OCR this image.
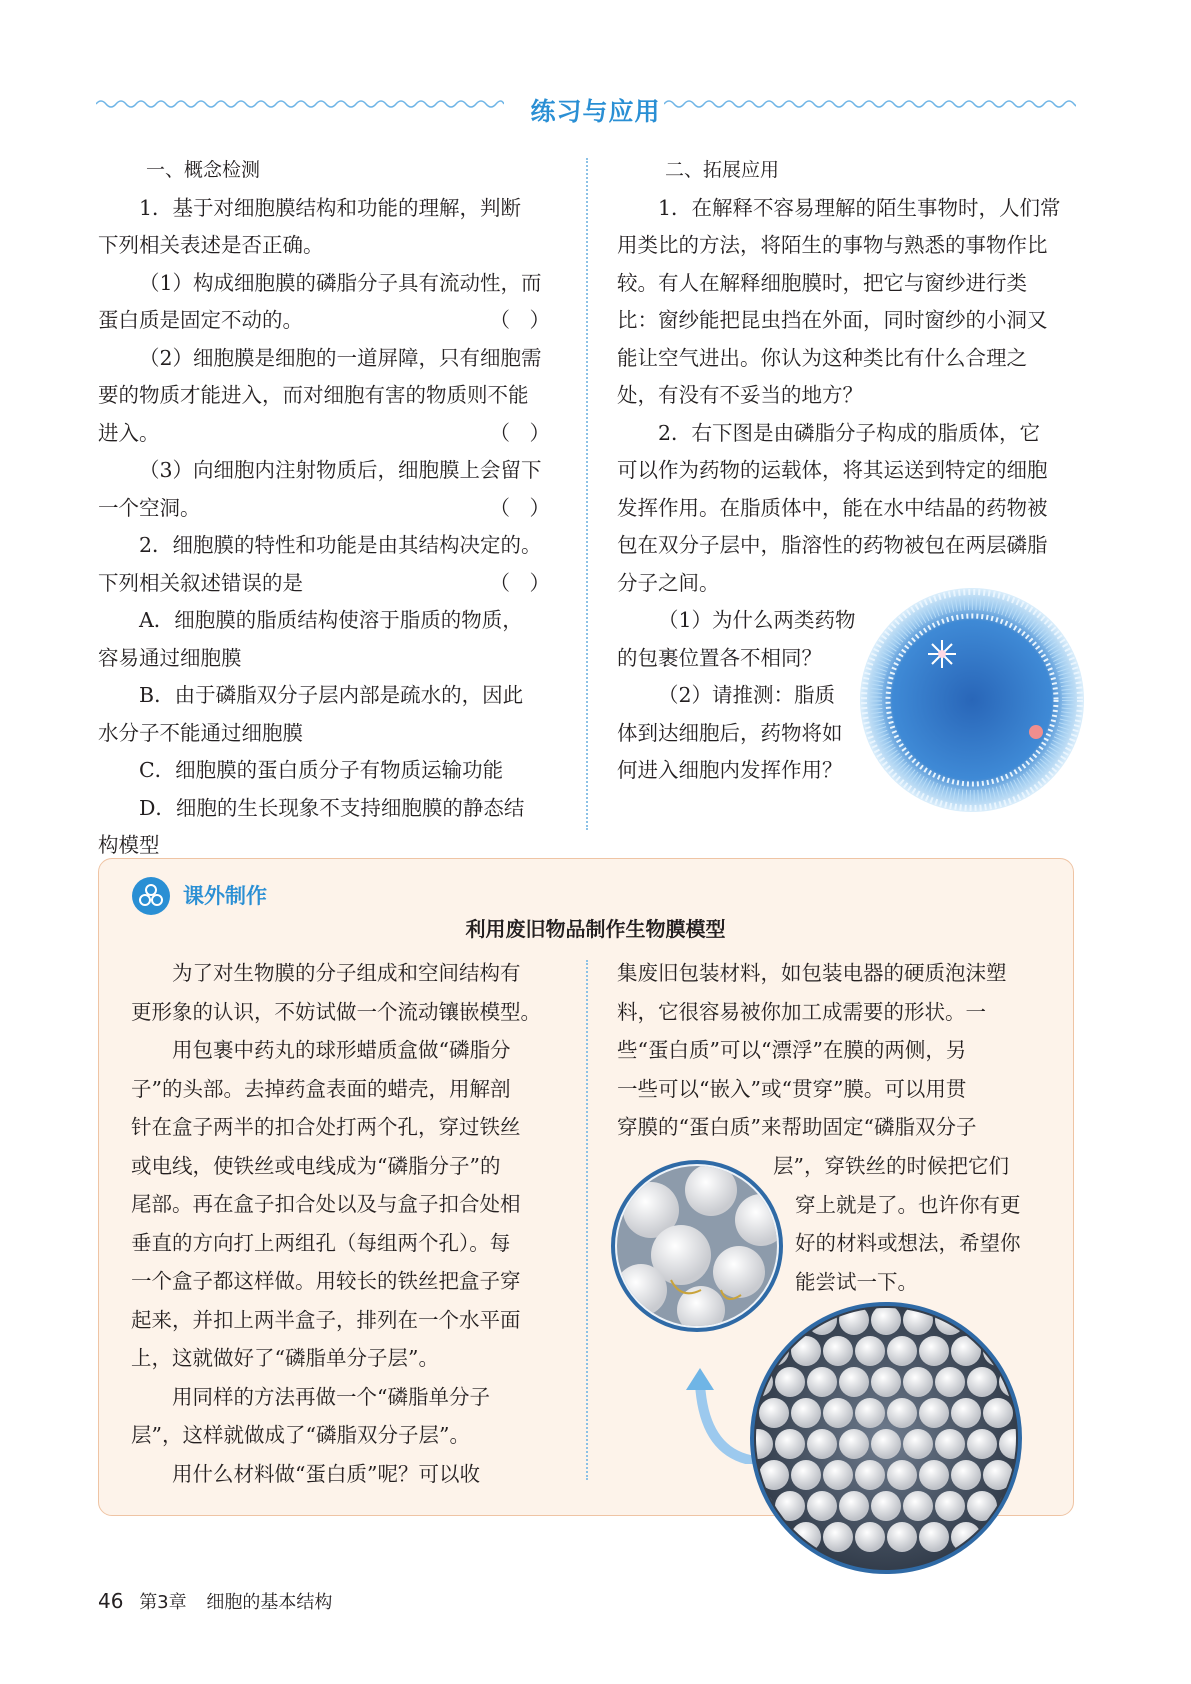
练习与应用

一、概念检测

1．基于对细胞膜结构和功能的理解，判断

下列相关表述是否正确。

（1）构成细胞膜的磷脂分子具有流动性，而

蛋白质是固定不动的。	（   ）

（2）细胞膜是细胞的一道屏障，只有细胞需

要的物质才能进入，而对细胞有害的物质则不能

进入。	（   ）

（3）向细胞内注射物质后，细胞膜上会留下

一个空洞。	（   ）

2．细胞膜的特性和功能是由其结构决定的。

下列相关叙述错误的是	（   ）

A．细胞膜的脂质结构使溶于脂质的物质，

容易通过细胞膜

B．由于磷脂双分子层内部是疏水的，因此

水分子不能通过细胞膜

C．细胞膜的蛋白质分子有物质运输功能

D．细胞的生长现象不支持细胞膜的静态结

构模型

二、拓展应用

1．在解释不容易理解的陌生事物时，人们常

用类比的方法，将陌生的事物与熟悉的事物作比

较。有人在解释细胞膜时，把它与窗纱进行类

比：窗纱能把昆虫挡在外面，同时窗纱的小洞又

能让空气进出。你认为这种类比有什么合理之

处，有没有不妥当的地方？

2．右下图是由磷脂分子构成的脂质体，它

可以作为药物的运载体，将其运送到特定的细胞

发挥作用。在脂质体中，能在水中结晶的药物被

包在双分子层中，脂溶性的药物被包在两层磷脂

分子之间。

（1）为什么两类药物

的包裹位置各不相同？

（2）请推测：脂质

体到达细胞后，药物将如

何进入细胞内发挥作用？

课外制作
利用废旧物品制作生物膜模型

为了对生物膜的分子组成和空间结构有

更形象的认识，不妨试做一个流动镶嵌模型。

用包裹中药丸的球形蜡质盒做“磷脂分

子”的头部。去掉药盒表面的蜡壳，用解剖

针在盒子两半的扣合处打两个孔，穿过铁丝

或电线，使铁丝或电线成为“磷脂分子”的

尾部。再在盒子扣合处以及与盒子扣合处相

垂直的方向打上两组孔（每组两个孔）。每

一个盒子都这样做。用较长的铁丝把盒子穿

起来，并扣上两半盒子，排列在一个水平面

上，这就做好了“磷脂单分子层”。

用同样的方法再做一个“磷脂单分子

层”，这样就做成了“磷脂双分子层”。

用什么材料做“蛋白质”呢？可以收

集废旧包装材料，如包装电器的硬质泡沫塑

料，它很容易被你加工成需要的形状。一

些“蛋白质”可以“漂浮”在膜的两侧，另

一些可以“嵌入”或“贯穿”膜。可以用贯

穿膜的“蛋白质”来帮助固定“磷脂双分子

层”，穿铁丝的时候把它们

穿上就是了。也许你有更

好的材料或想法，希望你

能尝试一下。

46 第3章 细胞的基本结构
